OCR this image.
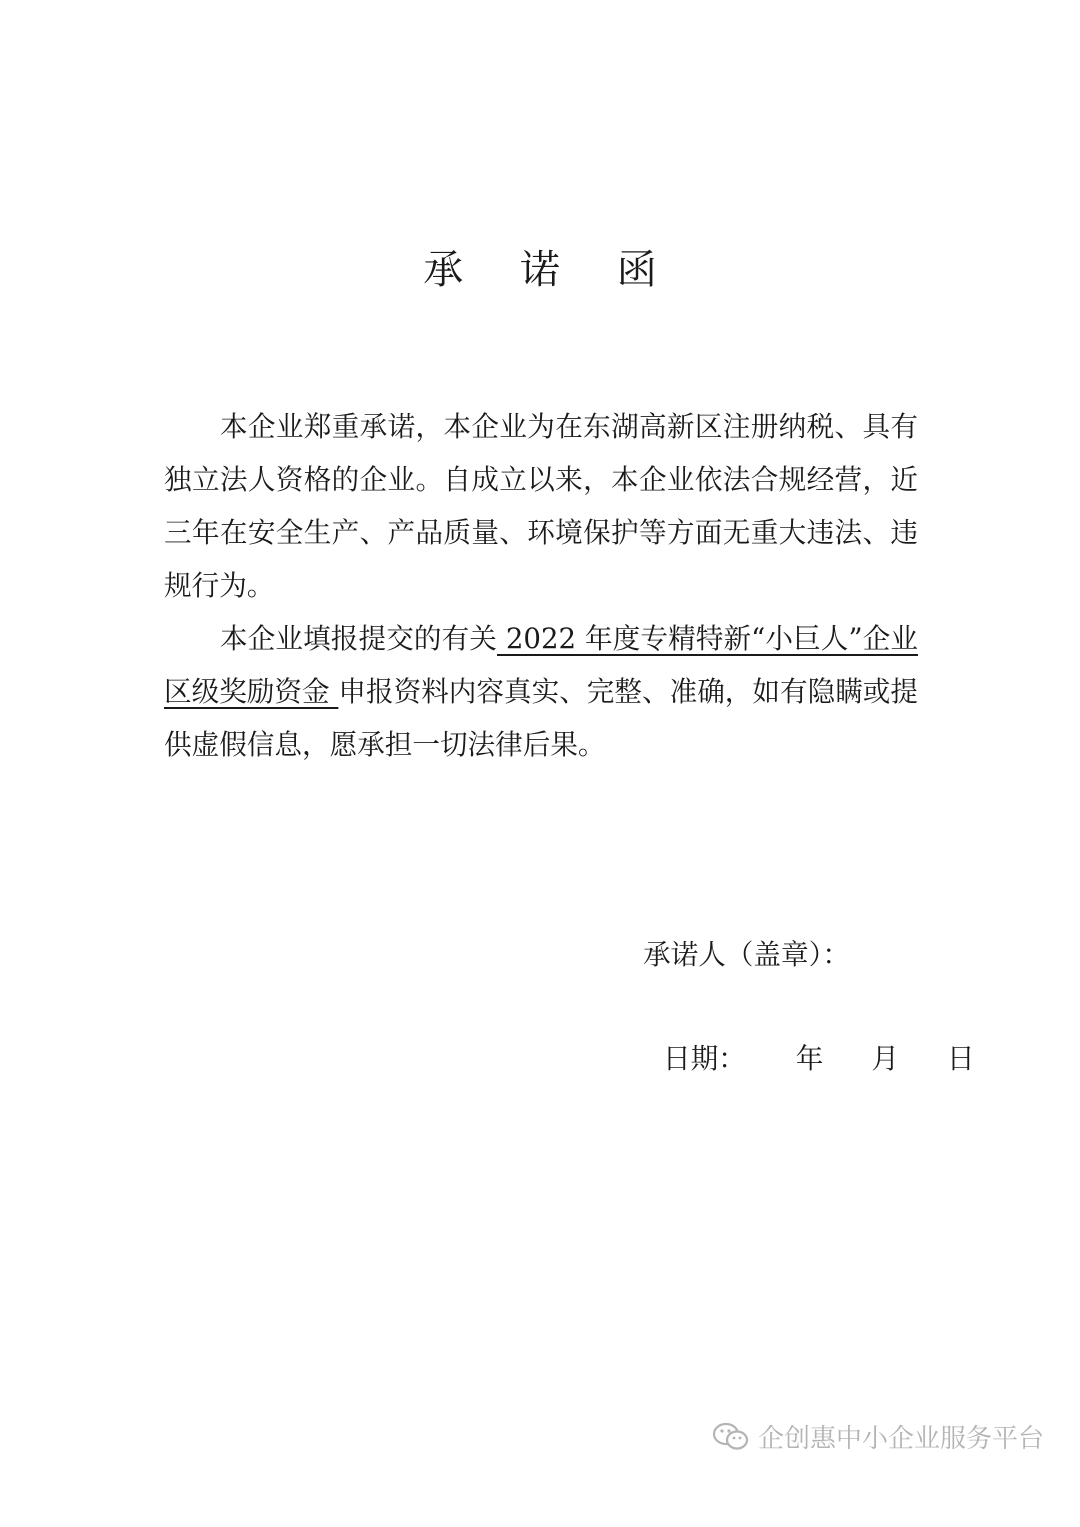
承 诺 函

本企业郑重承诺，本企业为在东湖高新区注册纳税、具有独立法人资格的企业。自成立以来，本企业依法合规经营，近三年在安全生产、产品质量、环境保护等方面无重大违法、违规行为。

本企业填报提交的有关 2022 年度专精特新“小巨人”企业区级奖励资金 申报资料内容真实、完整、准确，如有隐瞒或提供虚假信息，愿承担一切法律后果。

承诺人（盖章）：
日期： 年 月 日
企创惠中小企业服务平台
